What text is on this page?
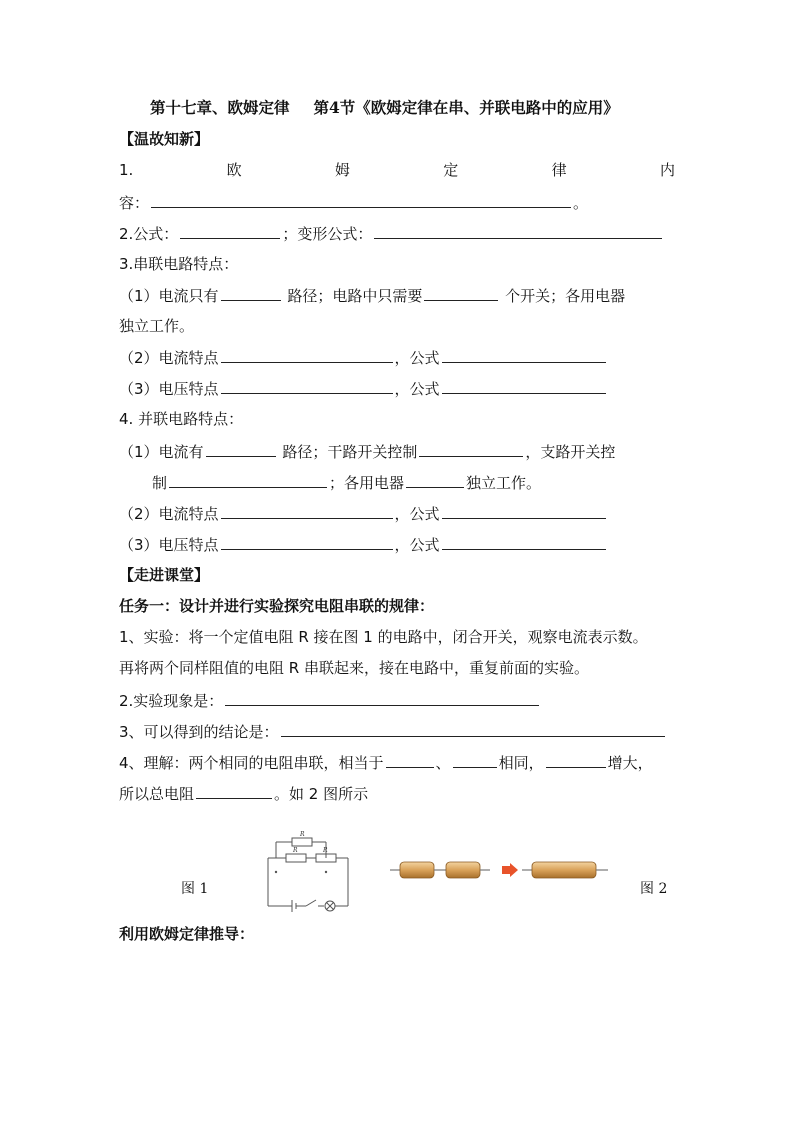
第十七章、欧姆定律 第4节《欧姆定律在串、并联电路中的应用》
【温故知新】
1.	欧	姆	定	律	内
容：	。
2.公式：	；变形公式：
3.串联电路特点：
（1）电流只有	路径；电路中只需要	个开关；各用电器
独立工作。
（2）电流特点	，公式
（3）电压特点	，公式
4. 并联电路特点：
（1）电流有	路径；干路开关控制	，支路开关控
制	；各用电器	独立工作。
（2）电流特点	，公式
（3）电压特点	，公式
【走进课堂】
任务一：设计并进行实验探究电阻串联的规律：
1、实验：将一个定值电阻 R 接在图 1 的电路中，闭合开关，观察电流表示数。
再将两个同样阻值的电阻 R 串联起来，接在电路中，重复前面的实验。
2.实验现象是：
3、可以得到的结论是：
4、理解：两个相同的电阻串联，相当于	、	相同，	增大，
所以总电阻	。如 2 图所示
图 1	图 2
R
R	R
利用欧姆定律推导：
